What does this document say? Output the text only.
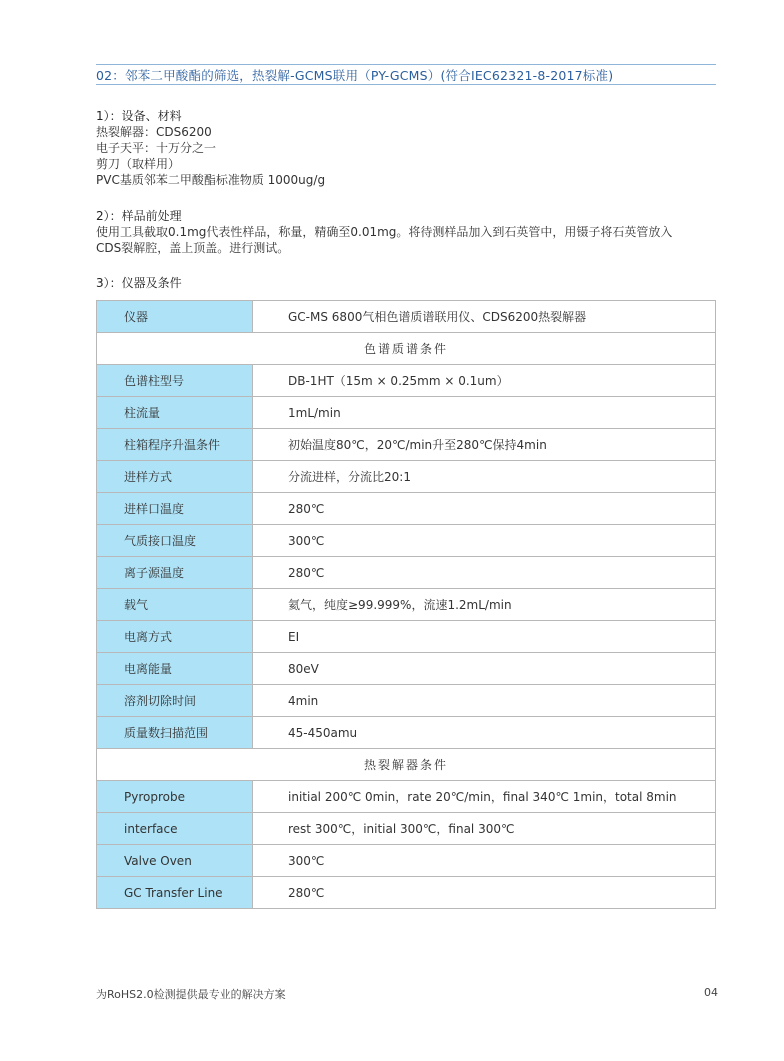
02：邻苯二甲酸酯的筛选，热裂解-GCMS联用（PY-GCMS）(符合IEC62321-8-2017标准)

1）：设备、材料

热裂解器：CDS6200

电子天平：十万分之一

剪刀（取样用）

PVC基质邻苯二甲酸酯标准物质 1000ug/g

2）：样品前处理

使用工具截取0.1mg代表性样品，称量，精确至0.01mg。将待测样品加入到石英管中，用镊子将石英管放入

CDS裂解腔，盖上顶盖。进行测试。

3）：仪器及条件

仪器	GC-MS 6800气相色谱质谱联用仪、CDS6200热裂解器
色谱质谱条件	
色谱柱型号	DB-1HT（15m × 0.25mm × 0.1um）
柱流量	1mL/min
柱箱程序升温条件	初始温度80℃，20℃/min升至280℃保持4min
进样方式	分流进样，分流比20:1
进样口温度	280℃
气质接口温度	300℃
离子源温度	280℃
载气	氦气，纯度≥99.999%，流速1.2mL/min
电离方式	EI
电离能量	80eV
溶剂切除时间	4min
质量数扫描范围	45-450amu
热裂解器条件	
Pyroprobe	initial 200℃ 0min，rate 20℃/min，final 340℃ 1min，total 8min
interface	rest 300℃，initial 300℃，final 300℃
Valve Oven	300℃
GC Transfer Line	280℃
为RoHS2.0检测提供最专业的解决方案	04
